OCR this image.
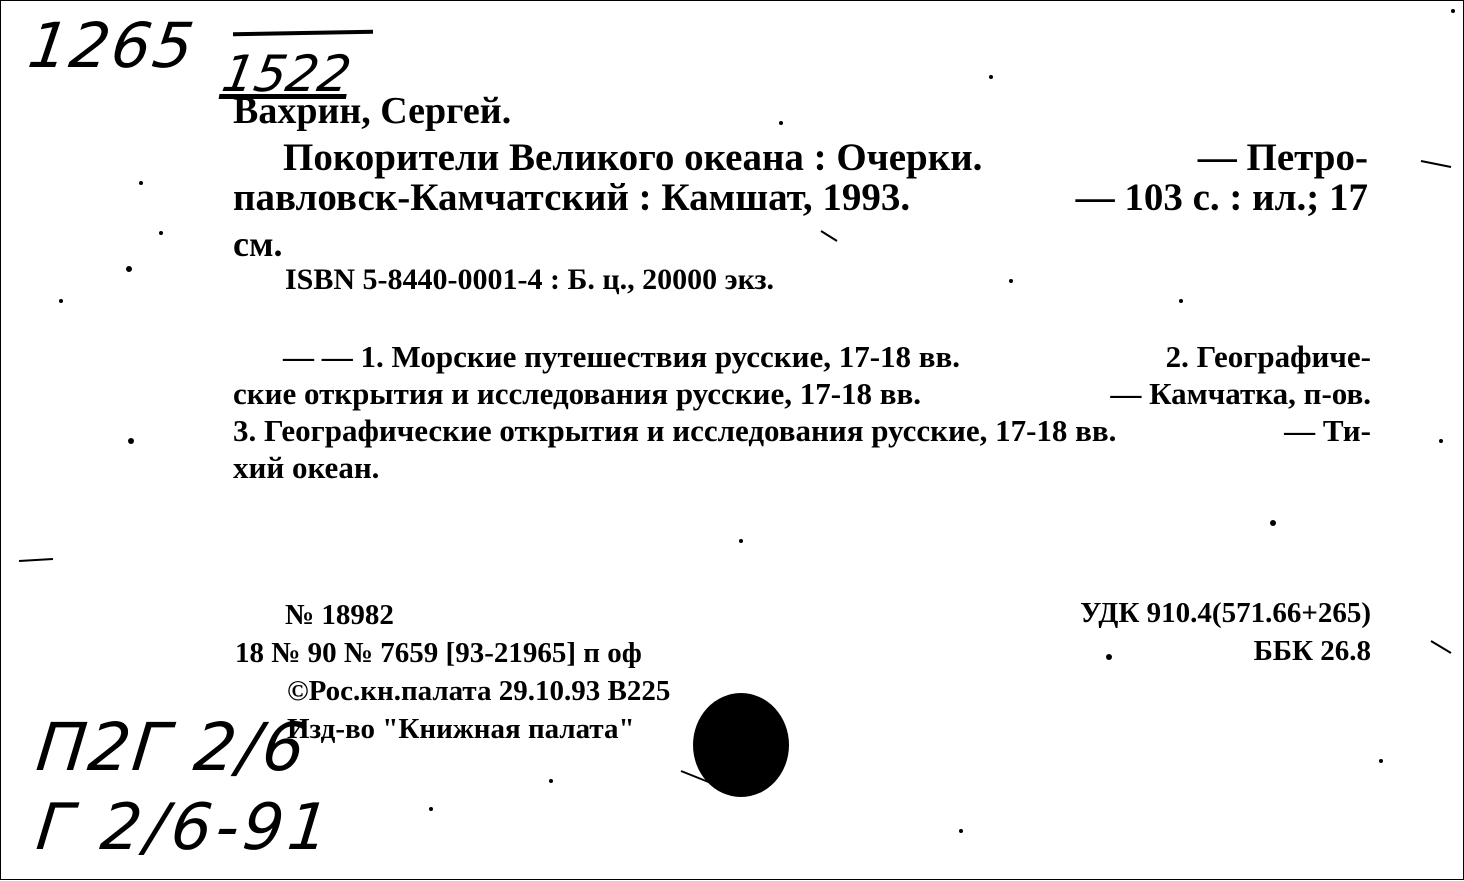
1265 1522
Вахрин, Сергей.
Покорители Великого океана : Очерки.	— Петро-
павловск-Камчатский : Камшат, 1993.	— 103 с. : ил.; 17
см.
ISBN 5-8440-0001-4 : Б. ц., 20000 экз.
— — 1. Морские путешествия русские, 17-18 вв.	2. Географиче-
ские открытия и исследования русские, 17-18 вв.	— Камчатка, п-ов.
3. Географические открытия и исследования русские, 17-18 вв.	— Ти-
хий океан.
№ 18982
18 № 90 № 7659 [93-21965] п оф
©Рос.кн.палата 29.10.93 В225
Изд-во "Книжная палата"
УДК 910.4(571.66+265)
ББК 26.8
П2Г 2/6
Г 2/6-91
